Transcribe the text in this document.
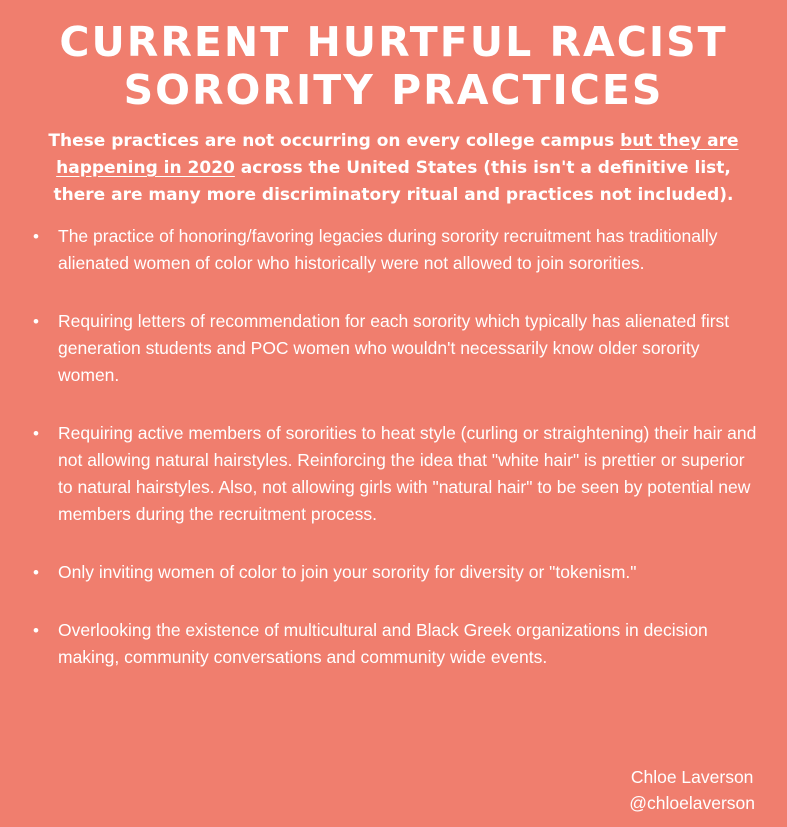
CURRENT HURTFUL RACIST
SORORITY PRACTICES

These practices are not occurring on every college campus but they are happening in 2020 across the United States (this isn't a definitive list, there are many more discriminatory ritual and practices not included).

• The practice of honoring/favoring legacies during sorority recruitment has traditionally alienated women of color who historically were not allowed to join sororities.
• Requiring letters of recommendation for each sorority which typically has alienated first generation students and POC women who wouldn't necessarily know older sorority women.
• Requiring active members of sororities to heat style (curling or straightening) their hair and not allowing natural hairstyles. Reinforcing the idea that "white hair" is prettier or superior to natural hairstyles. Also, not allowing girls with "natural hair" to be seen by potential new members during the recruitment process.
• Only inviting women of color to join your sorority for diversity or "tokenism."
• Overlooking the existence of multicultural and Black Greek organizations in decision making, community conversations and community wide events.
Chloe Laverson
@chloelaverson
